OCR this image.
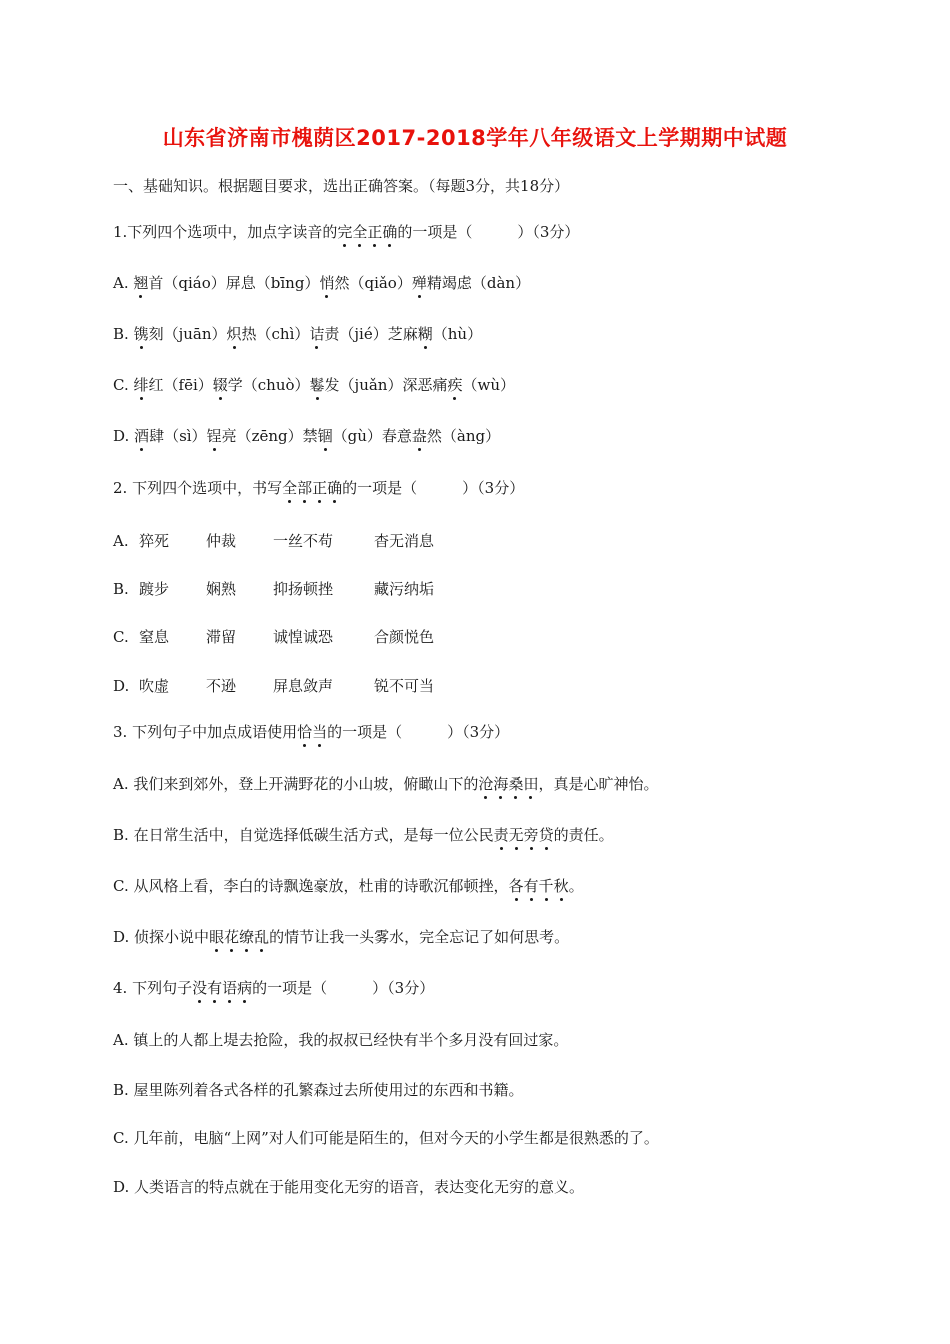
山东省济南市槐荫区2017-2018学年八年级语文上学期期中试题
一、基础知识。根据题目要求，选出正确答案。（每题3分，共18分）
1.下列四个选项中，加点字读音的完全正确的一项是（　　　）（3分）
A. 翘首（qiáo）屏息（bīng）悄然（qiǎo）殚精竭虑（dàn）
B. 镌刻（juān）炽热（chì）诘责（jié）芝麻糊（hù）
C. 绯红（fēi）辍学（chuò）鬈发（juǎn）深恶痛疾（wù）
D. 酒肆（sì）锃亮（zēng）禁锢（gù）春意盎然（àng）
2. 下列四个选项中，书写全部正确的一项是（　　　）（3分）
A. 猝死 仲裁 一丝不苟	杳无消息
B. 踱步 娴熟 抑扬顿挫	藏污纳垢
C. 窒息 滞留 诚惶诚恐	合颜悦色
D. 吹虚 不逊 屏息敛声	锐不可当
3. 下列句子中加点成语使用恰当的一项是（　　　）（3分）
A. 我们来到郊外，登上开满野花的小山坡，俯瞰山下的沧海桑田，真是心旷神怡。
B. 在日常生活中，自觉选择低碳生活方式，是每一位公民责无旁贷的责任。
C. 从风格上看，李白的诗飘逸豪放，杜甫的诗歌沉郁顿挫，各有千秋。
D. 侦探小说中眼花缭乱的情节让我一头雾水，完全忘记了如何思考。
4. 下列句子没有语病的一项是（　　　）（3分）
A. 镇上的人都上堤去抢险，我的叔叔已经快有半个多月没有回过家。
B. 屋里陈列着各式各样的孔繁森过去所使用过的东西和书籍。
C. 几年前，电脑“上网”对人们可能是陌生的，但对今天的小学生都是很熟悉的了。
D. 人类语言的特点就在于能用变化无穷的语音，表达变化无穷的意义。
